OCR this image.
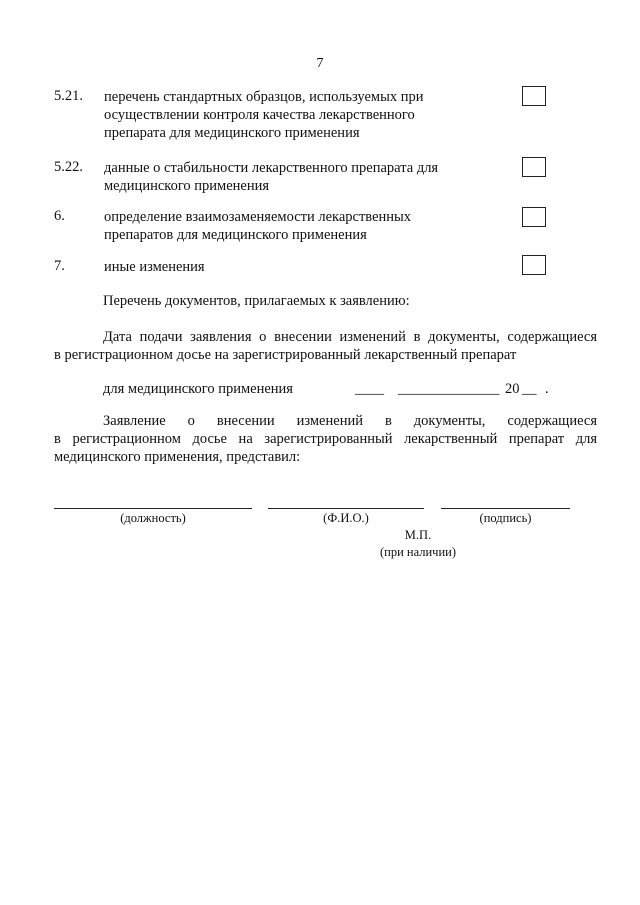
7
5.21. перечень стандартных образцов, используемых при осуществлении контроля качества лекарственного препарата для медицинского применения
5.22. данные о стабильности лекарственного препарата для медицинского применения
6.	определение взаимозаменяемости лекарственных препаратов для медицинского применения
7.	иные изменения
Перечень документов, прилагаемых к заявлению:
Дата подачи заявления о внесении изменений в документы, содержащиеся
в регистрационном досье на зарегистрированный лекарственный препарат
для медицинского применения	____ ______________ 20 __ .
Заявление о внесении изменений в документы, содержащиеся
в регистрационном досье на зарегистрированный лекарственный препарат для
медицинского применения, представил:
(должность)	(Ф.И.О.)	(подпись)
М.П.
(при наличии)
